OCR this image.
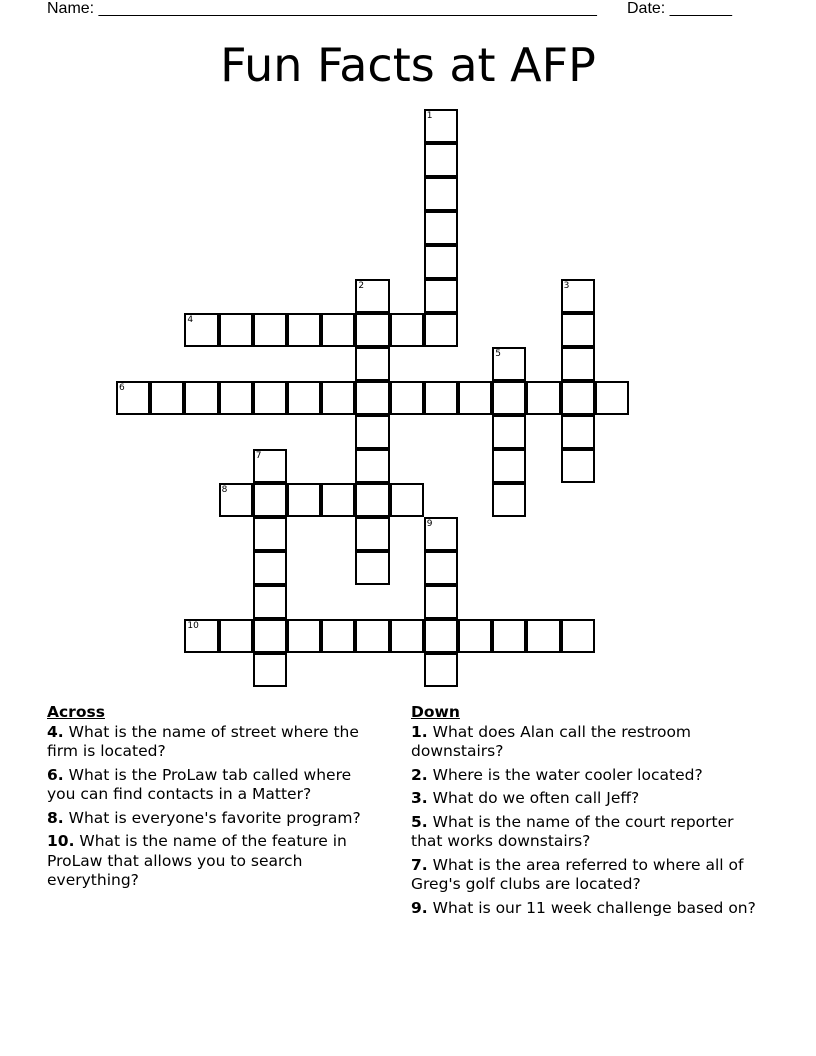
Name: ________________________________________________________ Date: _______
Fun Facts at AFP
1
2	3
4
5
6
7
8
9
10
Across
4. What is the name of street where the firm is located?
6. What is the ProLaw tab called where you can find contacts in a Matter?
8. What is everyone's favorite program?
10. What is the name of the feature in ProLaw that allows you to search everything?
Down
1. What does Alan call the restroom downstairs?
2. Where is the water cooler located?
3. What do we often call Jeff?
5. What is the name of the court reporter that works downstairs?
7. What is the area referred to where all of Greg's golf clubs are located?
9. What is our 11 week challenge based on?
